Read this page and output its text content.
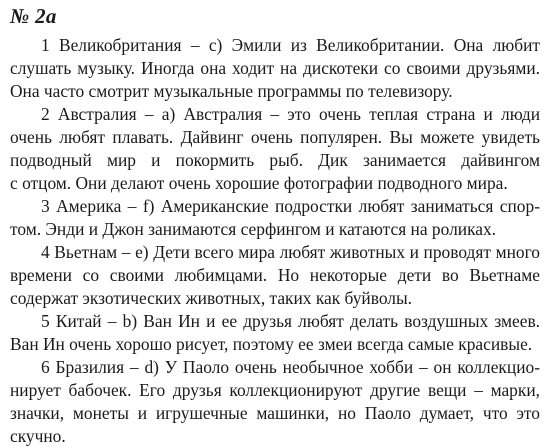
№ 2a
1 Великобритания – с) Эмили из Великобритании. Она любит
слушать музыку. Иногда она ходит на дискотеки со своими друзьями.
Она часто смотрит музыкальные программы по телевизору.
2 Австралия – а) Австралия – это очень теплая страна и люди
очень любят плавать. Дайвинг очень популярен. Вы можете увидеть
подводный мир и покормить рыб. Дик занимается дайвингом
с отцом. Они делают очень хорошие фотографии подводного мира.
3 Америка – f) Американские подростки любят заниматься спор-
том. Энди и Джон занимаются серфингом и катаются на роликах.
4 Вьетнам – е) Дети всего мира любят животных и проводят много
времени со своими любимцами. Но некоторые дети во Вьетнаме
содержат экзотических животных, таких как буйволы.
5 Китай – b) Ван Ин и ее друзья любят делать воздушных змеев.
Ван Ин очень хорошо рисует, поэтому ее змеи всегда самые красивые.
6 Бразилия – d) У Паоло очень необычное хобби – он коллекцио-
нирует бабочек. Его друзья коллекционируют другие вещи – марки,
значки, монеты и игрушечные машинки, но Паоло думает, что это
скучно.
